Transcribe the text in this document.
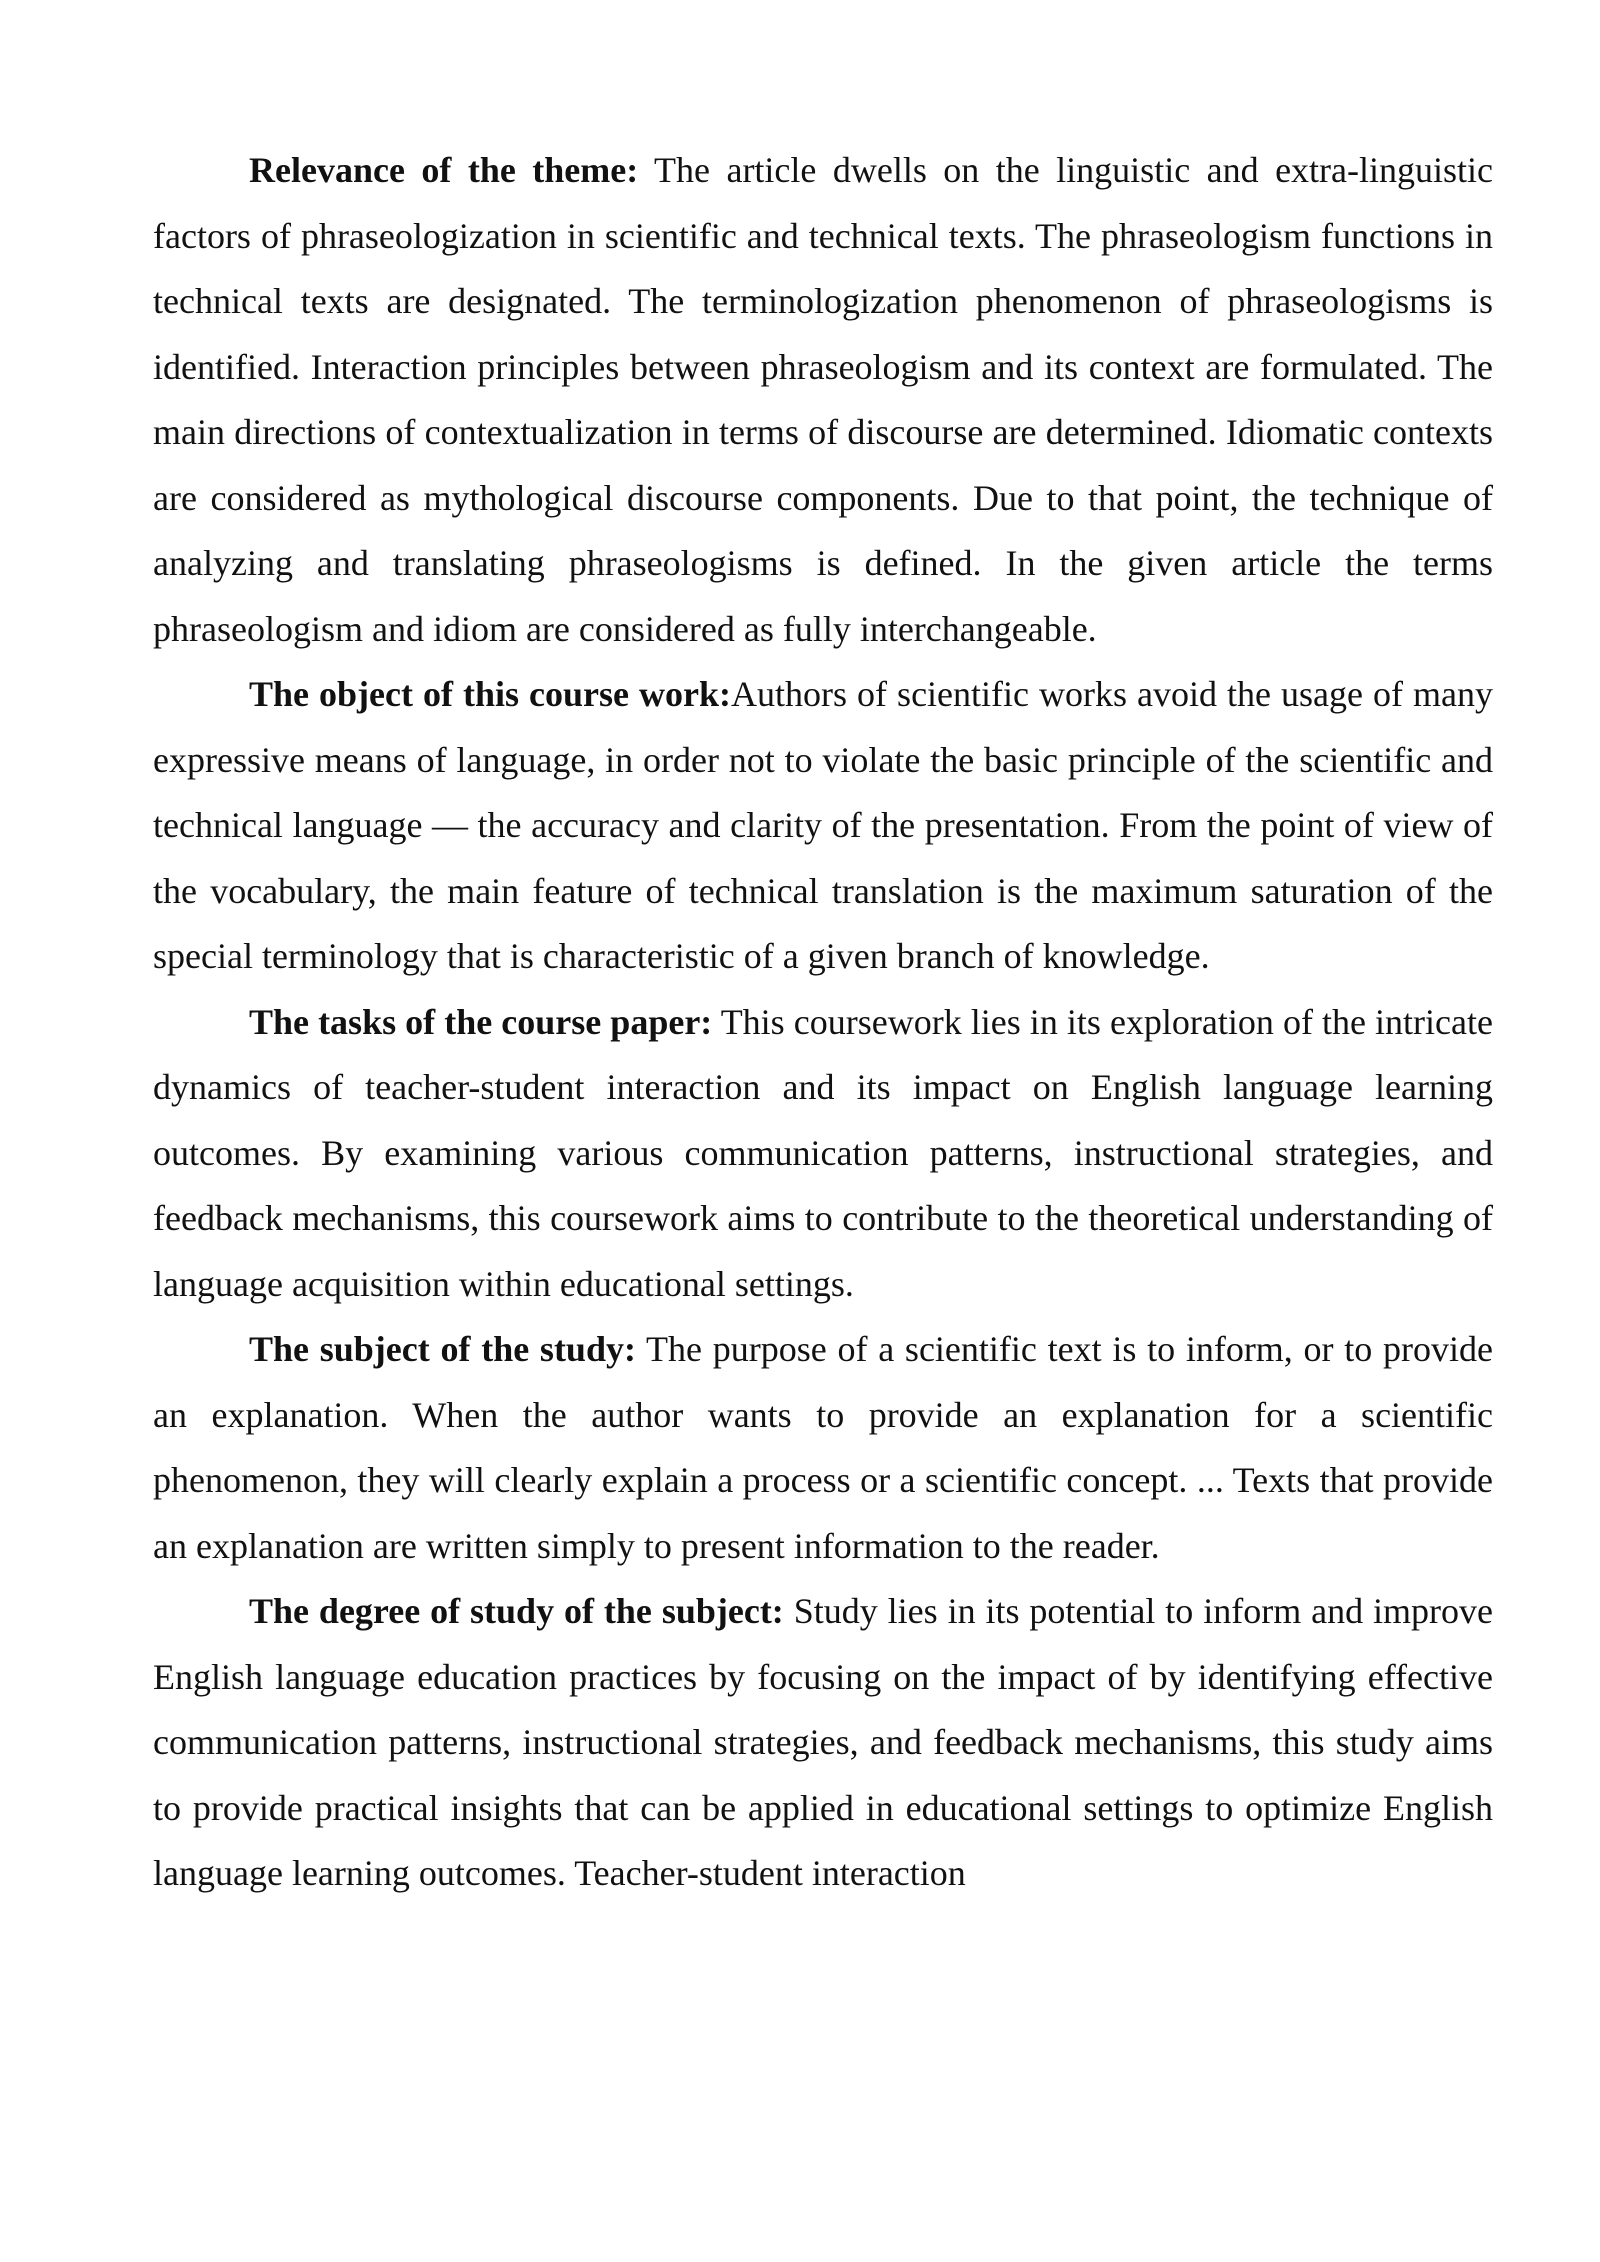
Relevance of the theme: The article dwells on the linguistic and extra-linguistic factors of phraseologization in scientific and technical texts. The phraseologism functions in technical texts are designated. The terminologization phenomenon of phraseologisms is identified. Interaction principles between phraseologism and its context are formulated. The main directions of contextualization in terms of discourse are determined. Idiomatic contexts are considered as mythological discourse components. Due to that point, the technique of analyzing and translating phraseologisms is defined. In the given article the terms phraseologism and idiom are considered as fully interchangeable.

The object of this course work:Authors of scientific works avoid the usage of many expressive means of language, in order not to violate the basic principle of the scientific and technical language — the accuracy and clarity of the presentation. From the point of view of the vocabulary, the main feature of technical translation is the maximum saturation of the special terminology that is characteristic of a given branch of knowledge.

The tasks of the course paper: This coursework lies in its exploration of the intricate dynamics of teacher-student interaction and its impact on English language learning outcomes. By examining various communication patterns, instructional strategies, and feedback mechanisms, this coursework aims to contribute to the theoretical understanding of language acquisition within educational settings.

The subject of the study: The purpose of a scientific text is to inform, or to provide an explanation. When the author wants to provide an explanation for a scientific phenomenon, they will clearly explain a process or a scientific concept. ... Texts that provide an explanation are written simply to present information to the reader.

The degree of study of the subject: Study lies in its potential to inform and improve English language education practices by focusing on the impact of by identifying effective communication patterns, instructional strategies, and feedback mechanisms, this study aims to provide practical insights that can be applied in educational settings to optimize English language learning outcomes. Teacher-student interaction
